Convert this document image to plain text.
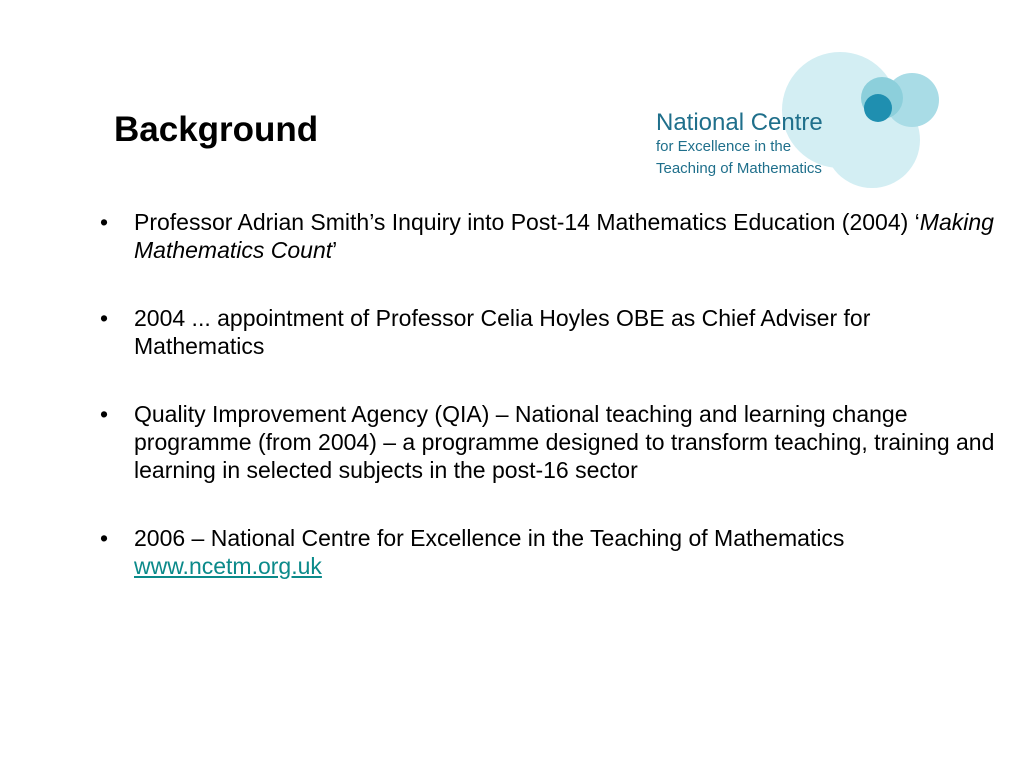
Background	National Centre
for Excellence in the
Teaching of Mathematics
• Professor Adrian Smith’s Inquiry into Post-14 Mathematics Education (2004) ‘Making Mathematics Count’
• 2004 ... appointment of Professor Celia Hoyles OBE as Chief Adviser for Mathematics
• Quality Improvement Agency (QIA) – National teaching and learning change programme (from 2004) – a programme designed to transform teaching, training and learning in selected subjects in the post-16 sector
• 2006 – National Centre for Excellence in the Teaching of Mathematics  www.ncetm.org.uk
